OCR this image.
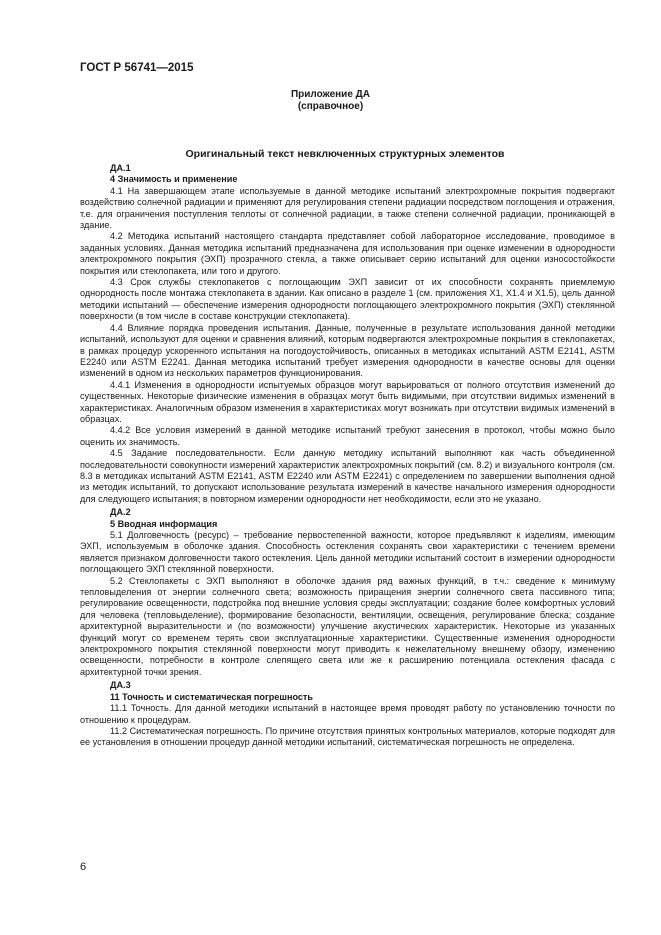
ГОСТ Р 56741—2015
Приложение ДА
(справочное)
Оригинальный текст невключенных структурных элементов

ДА.1

4 Значимость и применение

4.1 На завершающем этапе используемые в данной методике испытаний электрохромные покрытия подвергают воздействию солнечной радиации и применяют для регулирования степени радиации посредством поглощения и отражения, т.е. для ограничения поступления теплоты от солнечной радиации, в также степени солнечной радиации, проникающей в здание.

4.2 Методика испытаний настоящего стандарта представляет собой лабораторное исследование, проводимое в заданных условиях. Данная методика испытаний предназначена для использования при оценке изменении в однородности электрохромного покрытия (ЭХП) прозрачного стекла, а также описывает серию испытаний для оценки износостойкости покрытия или стеклопакета, или того и другого.

4.3 Срок службы стеклопакетов с поглощающим ЭХП зависит от их способности сохранять приемлемую однородность после монтажа стеклопакета в здании. Как описано в разделе 1 (см. приложения X1, X1.4 и X1.5), цель данной методики испытаний — обеспечение измерения однородности поглощающего электрохромного покрытия (ЭХП) стеклянной поверхности (в том числе в составе конструкции стеклопакета).

4.4 Влияние порядка проведения испытания. Данные, полученные в результате использования данной методики испытаний, используют для оценки и сравнения влияний, которым подвергаются электрохромные покрытия в стеклопакетах, в рамках процедур ускоренного испытания на погодоустойчивость, описанных в методиках испытаний ASTM E2141, ASTM E2240 или ASTM E2241. Данная методика испытаний требует измерения однородности в качестве основы для оценки изменений в одном из нескольких параметров функционирования.

4.4.1 Изменения в однородности испытуемых образцов могут варьироваться от полного отсутствия изменений до существенных. Некоторые физические изменения в образцах могут быть видимыми, при отсутствии видимых изменений в характеристиках. Аналогичным образом изменения в характеристиках могут возникать при отсутствии видимых изменений в образцах.

4.4.2 Все условия измерений в данной методике испытаний требуют занесения в протокол, чтобы можно было оценить их значимость.

4.5 Задание последовательности. Если данную методику испытаний выполняют как часть объединенной последовательности совокупности измерений характеристик электрохромных покрытий (см. 8.2) и визуального контроля (см. 8.3 в методиках испытаний ASTM E2141, ASTM E2240 или ASTM E2241) с определением по завершении выполнения одной из методик испытаний, то допускают использование результата измерений в качестве начального измерения однородности для следующего испытания; в повторном измерении однородности нет необходимости, если это не указано.

ДА.2

5 Вводная информация

5.1 Долговечность (ресурс) – требование первостепенной важности, которое предъявляют к изделиям, имеющим ЭХП, используемым в оболочке здания. Способность остекления сохранять свои характеристики с течением времени является признаком долговечности такого остекления. Цель данной методики испытаний состоит в измерении однородности поглощающего ЭХП стеклянной поверхности.

5.2 Стеклопакеты с ЭХП выполняют в оболочке здания ряд важных функций, в т.ч.: сведение к минимуму тепловыделения от энергии солнечного света; возможность приращения энергии солнечного света пассивного типа; регулирование освещенности, подстройка под внешние условия среды эксплуатации; создание более комфортных условий для человека (тепловыделение), формирование безопасности, вентиляции, освещения, регулирование блеска; создание архитектурной выразительности и (по возможности) улучшение акустических характеристик. Некоторые из указанных функций могут со временем терять свои эксплуатационные характеристики. Существенные изменения однородности электрохромного покрытия стеклянной поверхности могут приводить к нежелательному внешнему обзору, изменению освещенности, потребности в контроле слепящего света или же к расширению потенциала остекления фасада с архитектурной точки зрения.

ДА.3

11 Точность и систематическая погрешность

11.1 Точность. Для данной методики испытаний в настоящее время проводят работу по установлению точности по отношению к процедурам.

11.2 Систематическая погрешность. По причине отсутствия принятых контрольных материалов, которые подходят для ее установления в отношении процедур данной методики испытаний, систематическая погрешность не определена.

6
